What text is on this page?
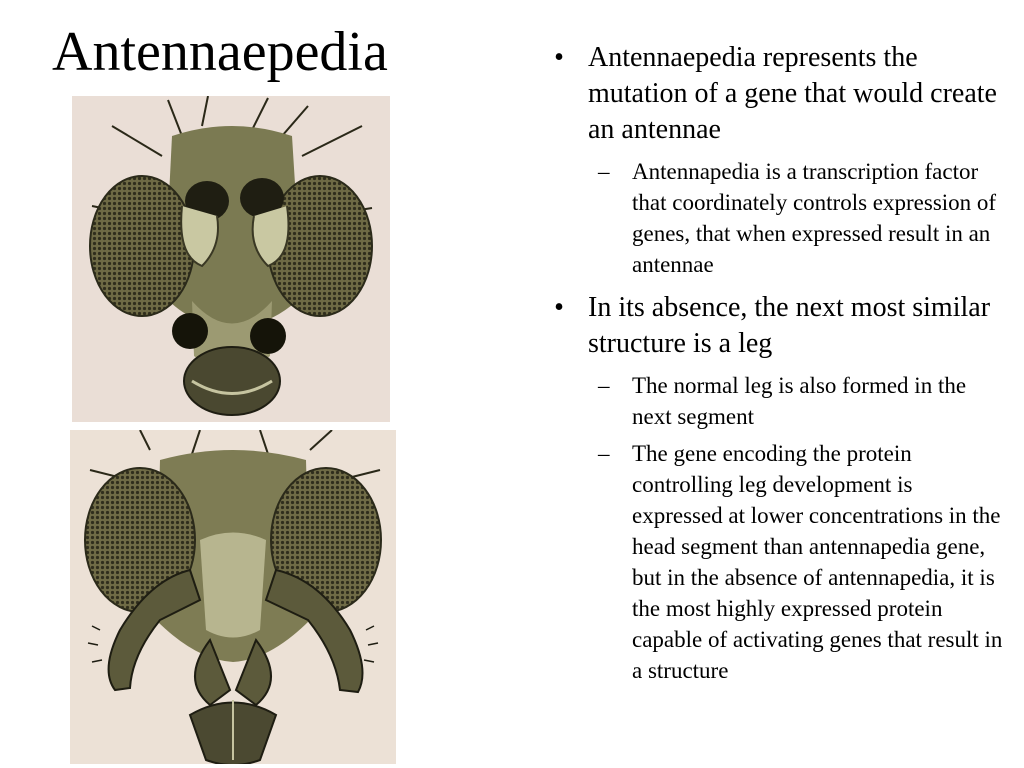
Antennaepedia	• Antennaepedia represents the mutation of a gene that would create an antennae
– Antennapedia is a transcription factor that coordinately controls expression of genes, that when expressed result in an antennae
• In its absence, the next most similar structure is a leg
– The normal leg is also formed in the next segment
– The gene encoding the protein controlling leg development is expressed at lower concentrations in the head segment than antennapedia gene, but in the absence of antennapedia, it is the most highly expressed protein capable of activating genes that result in a structure
